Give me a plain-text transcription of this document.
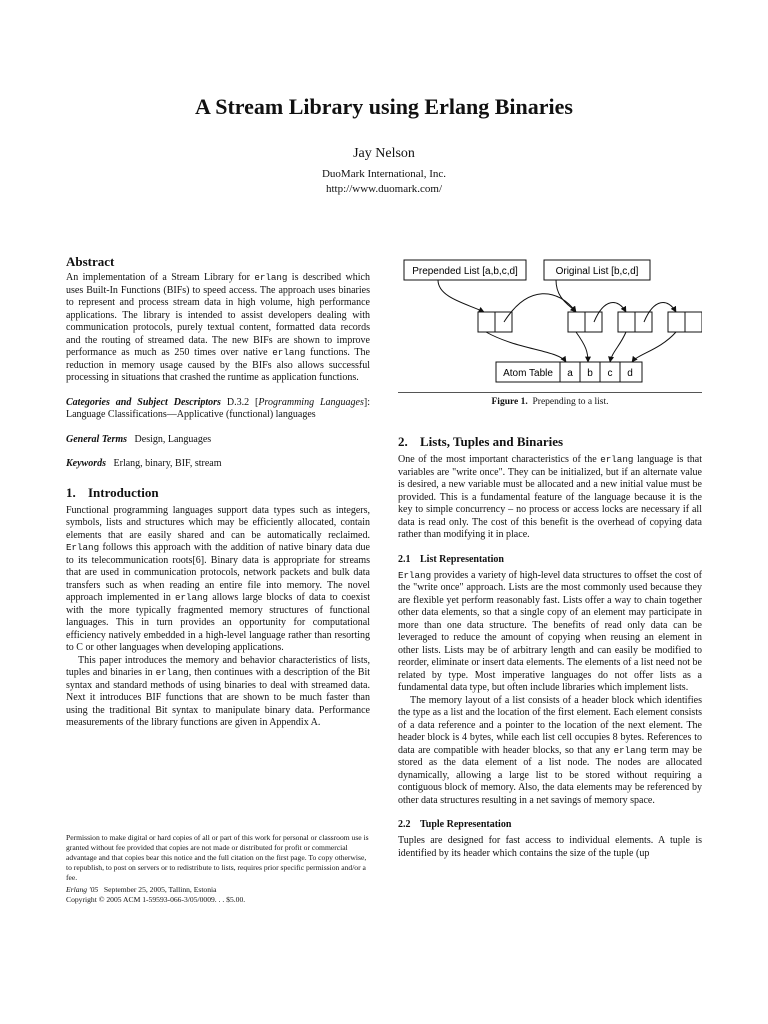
A Stream Library using Erlang Binaries
Jay Nelson
DuoMark International, Inc.
http://www.duomark.com/
Abstract

An implementation of a Stream Library for erlang is described which uses Built-In Functions (BIFs) to speed access. The approach uses binaries to represent and process stream data in high volume, high performance applications. The library is intended to assist developers dealing with communication protocols, purely textual content, formatted data records and the routing of streamed data. The new BIFs are shown to improve performance as much as 250 times over native erlang functions. The reduction in memory usage caused by the BIFs also allows successful processing in situations that crashed the runtime as application functions.

Categories and Subject Descriptors D.3.2 [Programming Languages]: Language Classifications—Applicative (functional) languages

General Terms Design, Languages

Keywords Erlang, binary, BIF, stream

1. Introduction

Functional programming languages support data types such as integers, symbols, lists and structures which may be efficiently allocated, contain elements that are easily shared and can be automatically reclaimed. Erlang follows this approach with the addition of native binary data due to its telecommunication roots[6]. Binary data is appropriate for streams that are used in communication protocols, network packets and bulk data transfers such as when reading an entire file into memory. The novel approach implemented in erlang allows large blocks of data to coexist with the more typically fragmented memory structures of functional languages. This in turn provides an opportunity for computational efficiency natively embedded in a high-level language rather than resorting to C or other languages when developing applications.

This paper introduces the memory and behavior characteristics of lists, tuples and binaries in erlang, then continues with a description of the Bit syntax and standard methods of using binaries to deal with streamed data. Next it introduces BIF functions that are shown to be much faster than using the traditional Bit syntax to manipulate binary data. Performance measurements of the library functions are given in Appendix A.

Permission to make digital or hard copies of all or part of this work for personal or classroom use is granted without fee provided that copies are not made or distributed for profit or commercial advantage and that copies bear this notice and the full citation on the first page. To copy otherwise, to republish, to post on servers or to redistribute to lists, requires prior specific permission and/or a fee.
Erlang '05 September 25, 2005, Tallinn, Estonia
Copyright © 2005 ACM 1-59593-066-3/05/0009. . . $5.00.
Prepended List [a,b,c,d]	Original List [b,c,d]
Atom Table a b c d
Figure 1. Prepending to a list.
2. Lists, Tuples and Binaries

One of the most important characteristics of the erlang language is that variables are "write once". They can be initialized, but if an alternate value is desired, a new variable must be allocated and a new initial value must be provided. This is a fundamental feature of the language because it is the key to simple concurrency – no process or access locks are necessary if all data is read only. The cost of this benefit is the overhead of copying data rather than modifying it in place.

2.1 List Representation

Erlang provides a variety of high-level data structures to offset the cost of the "write once" approach. Lists are the most commonly used because they are flexible yet perform reasonably fast. Lists offer a way to chain together other data elements, so that a single copy of an element may participate in more than one data structure. The benefits of read only data can be leveraged to reduce the amount of copying when reusing an element in other lists. Lists may be of arbitrary length and can easily be modified to reorder, eliminate or insert data elements. The elements of a list need not be related by type. Most imperative languages do not offer lists as a fundamental data type, but often include libraries which implement lists.

The memory layout of a list consists of a header block which identifies the type as a list and the location of the first element. Each element consists of a data reference and a pointer to the location of the next element. The header block is 4 bytes, while each list cell occupies 8 bytes. References to data are compatible with header blocks, so that any erlang term may be stored as the data element of a list node. The nodes are allocated dynamically, allowing a large list to be stored without requiring a contiguous block of memory. Also, the data elements may be referenced by other data structures resulting in a net savings of memory space.

2.2 Tuple Representation

Tuples are designed for fast access to individual elements. A tuple is identified by its header which contains the size of the tuple (up
